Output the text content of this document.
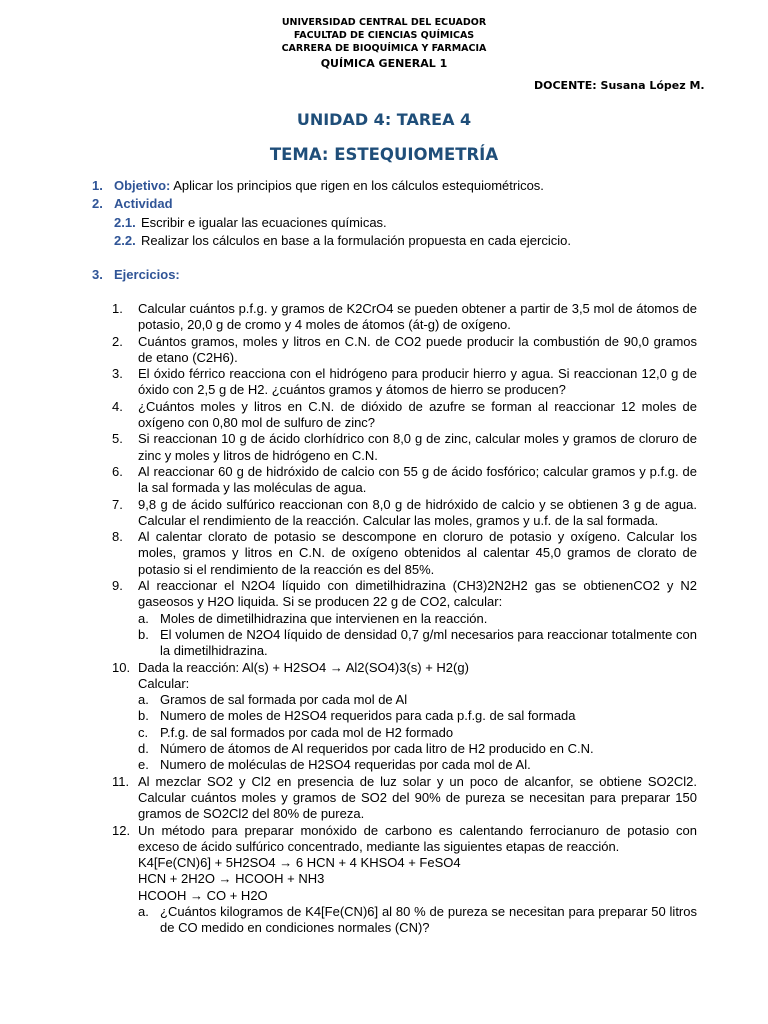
UNIVERSIDAD CENTRAL DEL ECUADOR
FACULTAD DE CIENCIAS QUÍMICAS
CARRERA DE BIOQUÍMICA Y FARMACIA
QUÍMICA GENERAL 1
DOCENTE: Susana López M.
UNIDAD 4: TAREA 4
TEMA: ESTEQUIOMETRÍA
1. Objetivo: Aplicar los principios que rigen en los cálculos estequiométricos.
2. Actividad
2.1. Escribir e igualar las ecuaciones químicas.
2.2. Realizar los cálculos en base a la formulación propuesta en cada ejercicio.
3. Ejercicios:
1.	Calcular cuántos p.f.g. y gramos de K2CrO4 se pueden obtener a partir de 3,5 mol de átomos de potasio, 20,0 g de cromo y 4 moles de átomos (át-g) de oxígeno.
2.	Cuántos gramos, moles y litros en C.N. de CO2 puede producir la combustión de 90,0 gramos de etano (C2H6).
3.	El óxido férrico reacciona con el hidrógeno para producir hierro y agua. Si reaccionan 12,0 g de óxido con 2,5 g de H2. ¿cuántos gramos y átomos de hierro se producen?
4.	¿Cuántos moles y litros en C.N. de dióxido de azufre se forman al reaccionar 12 moles de oxígeno con 0,80 mol de sulfuro de zinc?
5.	Si reaccionan 10 g de ácido clorhídrico con 8,0 g de zinc, calcular moles y gramos de cloruro de zinc y moles y litros de hidrógeno en C.N.
6.	Al reaccionar 60 g de hidróxido de calcio con 55 g de ácido fosfórico; calcular gramos y p.f.g. de la sal formada y las moléculas de agua.
7.	9,8 g de ácido sulfúrico reaccionan con 8,0 g de hidróxido de calcio y se obtienen 3 g de agua. Calcular el rendimiento de la reacción. Calcular las moles, gramos y u.f. de la sal formada.
8.	Al calentar clorato de potasio se descompone en cloruro de potasio y oxígeno. Calcular los moles, gramos y litros en C.N. de oxígeno obtenidos al calentar 45,0 gramos de clorato de potasio si el rendimiento de la reacción es del 85%.
9.	Al reaccionar el N2O4 líquido con dimetilhidrazina (CH3)2N2H2 gas se obtienenCO2 y N2 gaseosos y H2O liquida. Si se producen 22 g de CO2, calcular:
a. Moles de dimetilhidrazina que intervienen en la reacción.
b. El volumen de N2O4 líquido de densidad 0,7 g/ml necesarios para reaccionar totalmente con la dimetilhidrazina.
10. Dada la reacción: Al(s) + H2SO4 → Al2(SO4)3(s) + H2(g)
Calcular:
a. Gramos de sal formada por cada mol de Al
b. Numero de moles de H2SO4 requeridos para cada p.f.g. de sal formada
c. P.f.g. de sal formados por cada mol de H2 formado
d. Número de átomos de Al requeridos por cada litro de H2 producido en C.N.
e. Numero de moléculas de H2SO4 requeridas por cada mol de Al.
11. Al mezclar SO2 y Cl2 en presencia de luz solar y un poco de alcanfor, se obtiene SO2Cl2. Calcular cuántos moles y gramos de SO2 del 90% de pureza se necesitan para preparar 150 gramos de SO2Cl2 del 80% de pureza.
12. Un método para preparar monóxido de carbono es calentando ferrocianuro de potasio con exceso de ácido sulfúrico concentrado, mediante las siguientes etapas de reacción.
K4[Fe(CN)6] + 5H2SO4 → 6 HCN + 4 KHSO4 + FeSO4
HCN + 2H2O → HCOOH + NH3
HCOOH → CO + H2O
a. ¿Cuántos kilogramos de K4[Fe(CN)6] al 80 % de pureza se necesitan para preparar 50 litros de CO medido en condiciones normales (CN)?
